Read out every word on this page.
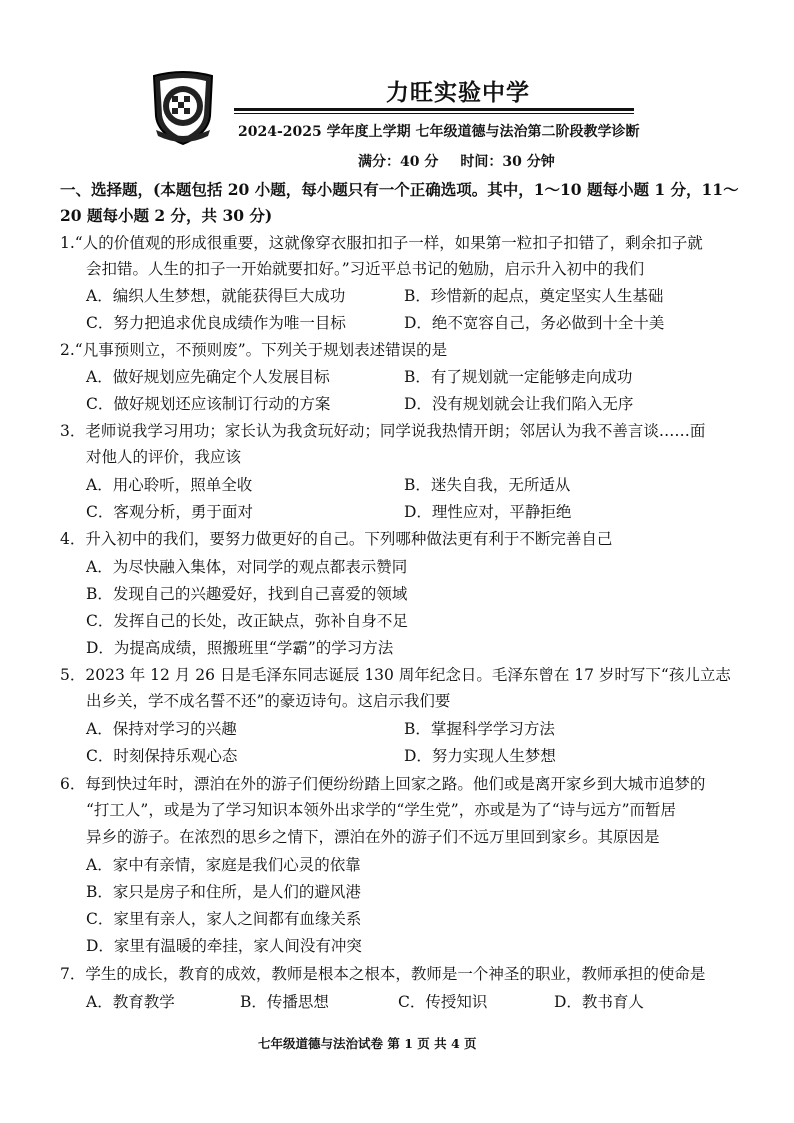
力旺实验中学
2024-2025 学年度上学期 七年级道德与法治第二阶段教学诊断
满分：40 分 时间：30 分钟
一、选择题，(本题包括 20 小题，每小题只有一个正确选项。其中，1～10 题每小题 1 分，11～
20 题每小题 2 分，共 30 分)
1.“人的价值观的形成很重要，这就像穿衣服扣扣子一样，如果第一粒扣子扣错了，剩余扣子就
会扣错。人生的扣子一开始就要扣好。”习近平总书记的勉励，启示升入初中的我们
A．编织人生梦想，就能获得巨大成功	B．珍惜新的起点，奠定坚实人生基础
C．努力把追求优良成绩作为唯一目标	D．绝不宽容自己，务必做到十全十美
2.“凡事预则立，不预则废”。下列关于规划表述错误的是
A．做好规划应先确定个人发展目标	B．有了规划就一定能够走向成功
C．做好规划还应该制订行动的方案	D．没有规划就会让我们陷入无序
3．老师说我学习用功；家长认为我贪玩好动；同学说我热情开朗；邻居认为我不善言谈……面
对他人的评价，我应该
A．用心聆听，照单全收	B．迷失自我，无所适从
C．客观分析，勇于面对	D．理性应对，平静拒绝
4．升入初中的我们，要努力做更好的自己。下列哪种做法更有利于不断完善自己
A．为尽快融入集体，对同学的观点都表示赞同
B．发现自己的兴趣爱好，找到自己喜爱的领域
C．发挥自己的长处，改正缺点，弥补自身不足
D．为提高成绩，照搬班里“学霸”的学习方法
5．2023 年 12 月 26 日是毛泽东同志诞辰 130 周年纪念日。毛泽东曾在 17 岁时写下“孩儿立志
出乡关，学不成名誓不还”的豪迈诗句。这启示我们要
A．保持对学习的兴趣	B．掌握科学学习方法
C．时刻保持乐观心态	D．努力实现人生梦想
6．每到快过年时，漂泊在外的游子们便纷纷踏上回家之路。他们或是离开家乡到大城市追梦的
“打工人”，或是为了学习知识本领外出求学的“学生党”，亦或是为了“诗与远方”而暂居
异乡的游子。在浓烈的思乡之情下，漂泊在外的游子们不远万里回到家乡。其原因是
A．家中有亲情，家庭是我们心灵的依靠
B．家只是房子和住所，是人们的避风港
C．家里有亲人，家人之间都有血缘关系
D．家里有温暖的牵挂，家人间没有冲突
7．学生的成长，教育的成效，教师是根本之根本，教师是一个神圣的职业，教师承担的使命是
A．教育教学	B．传播思想	C．传授知识	D．教书育人
七年级道德与法治试卷 第 1 页 共 4 页
